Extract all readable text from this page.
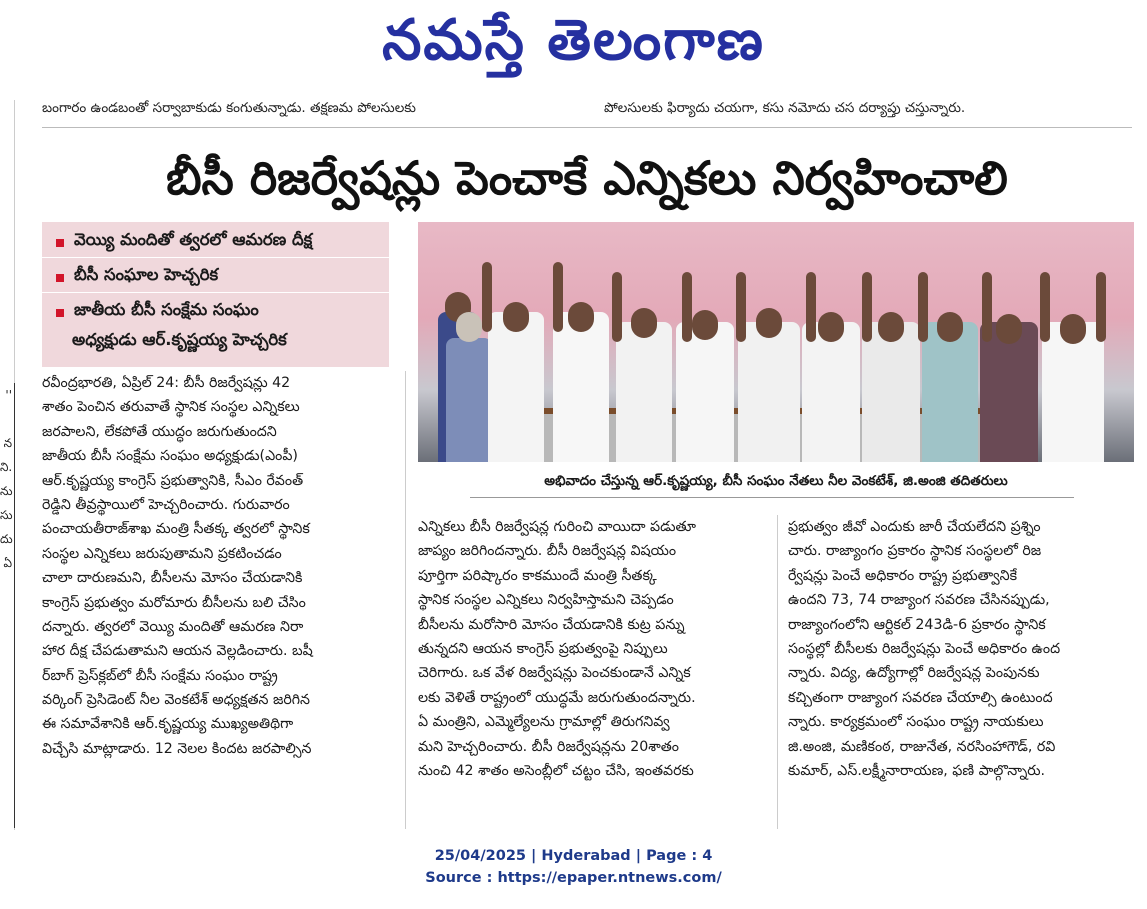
నమస్తే తెలంగాణ
బంగారం ఉండబంతో సర్వాబాకుడు కంగుతున్నాడు. తక్షణమ పోలసులకు	పోలసులకు ఫిర్యాదు చయగా, కసు నమోదు చస దర్యాప్తు చస్తున్నారు.
బీసీ రిజర్వేషన్లు పెంచాకే ఎన్నికలు నిర్వహించాలి
వెయ్యి మందితో త్వరలో ఆమరణ దీక్ష
బీసీ సంఘాల హెచ్చరిక
జాతీయ బీసీ సంక్షేమ సంఘం
అధ్యక్షుడు ఆర్.కృష్ణయ్య హెచ్చరిక
అభివాదం చేస్తున్న ఆర్.కృష్ణయ్య, బీసీ సంఘం నేతలు నీల వెంకటేశ్, జి.అంజి తదితరులు
''
న
ని.
ను
సు
దు
ఏ
రవీంద్రభారతి, ఏప్రిల్ 24: బీసీ రిజర్వేషన్లు 42
శాతం పెంచిన తరువాతే స్థానిక సంస్థల ఎన్నికలు
జరపాలని, లేకపోతే యుద్ధం జరుగుతుందని
జాతీయ బీసీ సంక్షేమ సంఘం అధ్యక్షుడు(ఎంపీ)
ఆర్.కృష్ణయ్య కాంగ్రెస్ ప్రభుత్వానికి, సీఎం రేవంత్
రెడ్డిని తీవ్రస్థాయిలో హెచ్చరించారు. గురువారం
పంచాయతీరాజ్‌శాఖ మంత్రి సీతక్క త్వరలో స్థానిక
సంస్థల ఎన్నికలు జరుపుతామని ప్రకటించడం
చాలా దారుణమని, బీసీలను మోసం చేయడానికి
కాంగ్రెస్ ప్రభుత్వం మరోమారు బీసీలను బలి చేసిం
దన్నారు. త్వరలో వెయ్యి మందితో ఆమరణ నిరా
హార దీక్ష చేపడుతామని ఆయన వెల్లడించారు. బషీ
ర్‌బాగ్ ప్రెస్‌క్లబ్‌లో బీసీ సంక్షేమ సంఘం రాష్ట్ర
వర్కింగ్ ప్రెసిడెంట్ నీల వెంకటేశ్ అధ్యక్షతన జరిగిన
ఈ సమావేశానికి ఆర్.కృష్ణయ్య ముఖ్యఅతిథిగా
విచ్చేసి మాట్లాడారు. 12 నెలల కిందట జరపాల్సిన
ఎన్నికలు బీసీ రిజర్వేషన్ల గురించి వాయిదా పడుతూ
జాప్యం జరిగిందన్నారు. బీసీ రిజర్వేషన్ల విషయం
పూర్తిగా పరిష్కారం కాకముందే మంత్రి సీతక్క
స్థానిక సంస్థల ఎన్నికలు నిర్వహిస్తామని చెప్పడం
బీసీలను మరోసారి మోసం చేయడానికి కుట్ర పన్ను
తున్నదని ఆయన కాంగ్రెస్ ప్రభుత్వంపై నిప్పులు
చెరిగారు. ఒక వేళ రిజర్వేషన్లు పెంచకుండానే ఎన్నిక
లకు వెళితే రాష్ట్రంలో యుద్ధమే జరుగుతుందన్నారు.
ఏ మంత్రిని, ఎమ్మెల్యేలను గ్రామాల్లో తిరుగనివ్వ
మని హెచ్చరించారు. బీసీ రిజర్వేషన్లను 20శాతం
నుంచి 42 శాతం అసెంబ్లీలో చట్టం చేసి, ఇంతవరకు
ప్రభుత్వం జీవో ఎందుకు జారీ చేయలేదని ప్రశ్నిం
చారు. రాజ్యాంగం ప్రకారం స్థానిక సంస్థలలో రిజ
ర్వేషన్లు పెంచే అధికారం రాష్ట్ర ప్రభుత్వానికే
ఉందని 73, 74 రాజ్యాంగ సవరణ చేసినప్పుడు,
రాజ్యాంగంలోని ఆర్టికల్ 243డి-6 ప్రకారం స్థానిక
సంస్థల్లో బీసీలకు రిజర్వేషన్లు పెంచే అధికారం ఉంద
న్నారు. విద్య, ఉద్యోగాల్లో రిజర్వేషన్ల పెంపునకు
కచ్చితంగా రాజ్యాంగ సవరణ చేయాల్సి ఉంటుంద
న్నారు. కార్యక్రమంలో సంఘం రాష్ట్ర నాయకులు
జి.అంజి, మణికంఠ, రాజునేత, నరసింహాగౌడ్, రవి
కుమార్, ఎస్.లక్ష్మీనారాయణ, ఫణి పాల్గొన్నారు.
25/04/2025 | Hyderabad | Page : 4
Source : https://epaper.ntnews.com/
